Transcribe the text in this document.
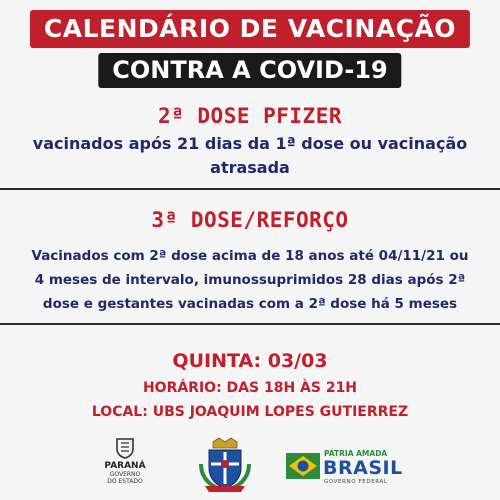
CALENDÁRIO DE VACINAÇÃO
CONTRA A COVID-19
2ª DOSE PFIZER
vacinados após 21 dias da 1ª dose ou vacinação atrasada
3ª DOSE/REFORÇO
Vacinados com 2ª dose acima de 18 anos até 04/11/21 ou
4 meses de intervalo, imunossuprimidos 28 dias após 2ª
dose e gestantes vacinadas com a 2ª dose há 5 meses
QUINTA: 03/03
HORÁRIO: DAS 18H ÀS 21H
LOCAL: UBS JOAQUIM LOPES GUTIERREZ
PARANÁ
GOVERNO
DO ESTADO
PÁTRIA AMADA
BRASIL
GOVERNO FEDERAL
